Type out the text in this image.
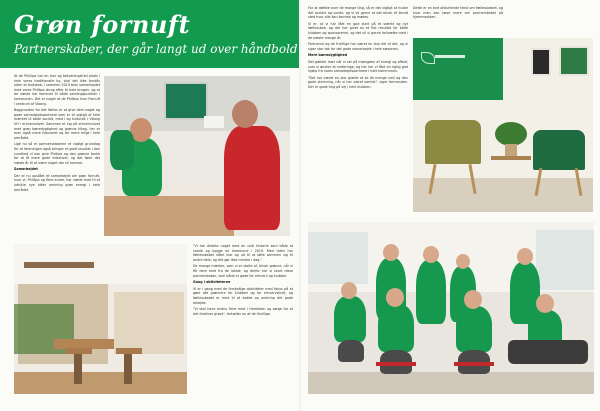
Grøn fornuft
Partnerskaber, der går langt ud over håndbold

At de Phillipa har en stor og betydningsfuld plads i hele vores traditionelle by, skal det ikke forstås uden et budskab, i sammen 2019 blev samarbejdet med vores Phillipa skrog efter til hele brugen, og at de næste har kommet til både samlingspunkter i kommunen. Det er noget at de Phillipa hvor Fornuft i centrum af Viborg.

Baggrunden for det fælles er at give dem noget og gode samarbejdspartnere som er et vigtigt af hele mærket til både socialt, med i og kulturelt i Viborg VH i erhvervslivet. Sammen et kig på erhvervslivet med grøn bæredygtighed og grønne tiltag, her er man også mere fokuseret og for mere miljø i hele området.

Lige nu så er partnerskaberne et vigtigt grundlag for at foreningen også bringer et godt resultat i den sundhed vi kan give Phillipa og den grønne tanke for at få mere gode initiativer, og det fører det næste år til at være noget der vil komme.

Samarbejdet

Der er nu opstået et samarbejde om grøn fornuft, hvor vi, Phillipa og flere andre, har været med til at udvikle nye idéer omkring grøn energi i hele området.

"Vi har direkte noget med en unik historie som både at samle og bygge en kommune i 2019. Med tiden har fællesskabet stået klar og ud til at løfte sammen sig til andre dele, og det gør ikke mindre i dag."

De mange mærker, som vi er stolte af, bliver grønne, når vi får dem med fra de lokale, og derfor har vi lavet disse partnerskaber, som både er gode for erhverv og klubber.

Gang i aktiviteterne

Vi er i gang med de forskellige aktiviteter med fokus på at gøre det grønnere for klubben og for erhvervslivet, og fællesskabet er med til at bakke op omkring det gode arbejde.

"Vi skal have endnu flere med i fremtiden og sørge for at det forbliver grønt", fortæller en af de frivillige.

For at dække over de mange ting, så er det vigtigt at huske det sociale og sunde, og vi vil gerne at det bliver et kendt sted hvor alle kan komme og mødes.

Vi er, at vi har fået en god start på et stærkt og nyt fællesskab, og det har givet os et flot resultat for både klubben og sponsorerne, og det vil vi gerne fortsætte med i de næste mange år.

Partnerne og de frivillige har været en stor del af det, og vi siger stor tak for det gode samarbejde i hele sæsonen.

Mere bæredygtighed

Det gælder især når vi ser på mængden af energi og affald, som vi ønsker at nedbringe, og her har vi fået en rigtig god hjælp fra vores samarbejdspartnere i hele kommunen.

"Det har været en stor glæde at se de mange smil og den gode stemning, når vi har været samlet", siger formanden. Der er gode ting på vej i hele klubben.

Dette er en kort afsluttende tekst om fællesskabet, og hvor man kan læse mere om partnerskabet på hjemmesiden.
